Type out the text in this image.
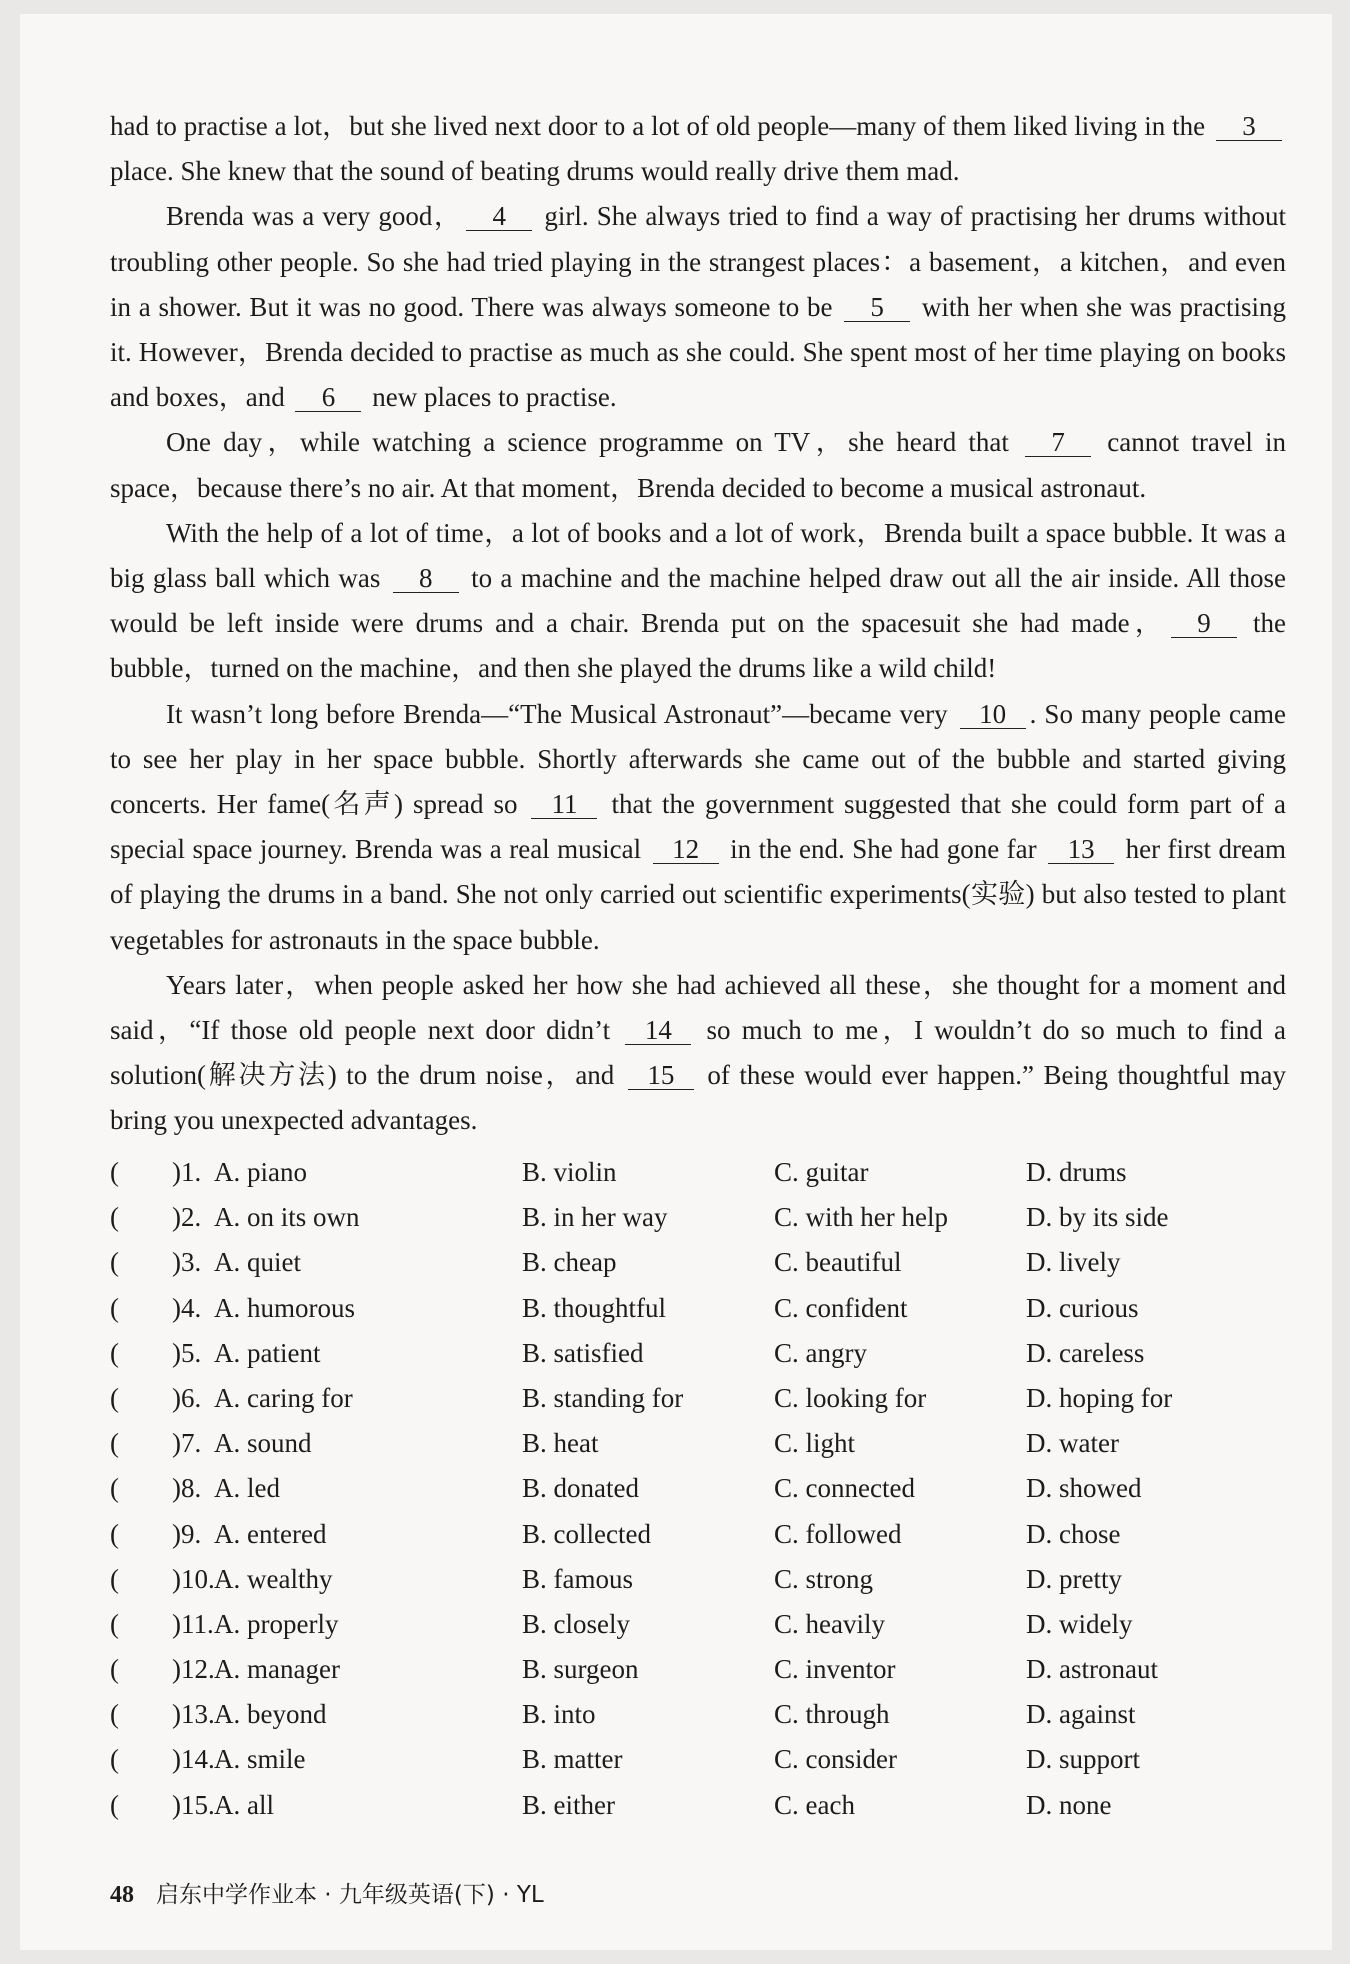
had to practise a lot，but she lived next door to a lot of old people—many of them liked living in the 3 place. She knew that the sound of beating drums would really drive them mad.

Brenda was a very good， 4 girl. She always tried to find a way of practising her drums without troubling other people. So she had tried playing in the strangest places：a basement，a kitchen，and even in a shower. But it was no good. There was always someone to be 5 with her when she was practising it. However，Brenda decided to practise as much as she could. She spent most of her time playing on books and boxes，and 6 new places to practise.

One day，while watching a science programme on TV，she heard that 7 cannot travel in space，because there’s no air. At that moment，Brenda decided to become a musical astronaut.

With the help of a lot of time，a lot of books and a lot of work，Brenda built a space bubble. It was a big glass ball which was 8 to a machine and the machine helped draw out all the air inside. All those would be left inside were drums and a chair. Brenda put on the spacesuit she had made， 9 the bubble，turned on the machine，and then she played the drums like a wild child!

It wasn’t long before Brenda—“The Musical Astronaut”—became very 10 . So many people came to see her play in her space bubble. Shortly afterwards she came out of the bubble and started giving concerts. Her fame(名声) spread so 11 that the government suggested that she could form part of a special space journey. Brenda was a real musical 12 in the end. She had gone far 13 her first dream of playing the drums in a band. She not only carried out scientific experiments(实验) but also tested to plant vegetables for astronauts in the space bubble.

Years later，when people asked her how she had achieved all these，she thought for a moment and said，“If those old people next door didn’t 14 so much to me，I wouldn’t do so much to find a solution(解决方法) to the drum noise，and 15 of these would ever happen.” Being thoughtful may bring you unexpected advantages.

( )1. A. piano	B. violin	C. guitar	D. drums
( )2. A. on its own	B. in her way	C. with her help	D. by its side
( )3. A. quiet	B. cheap	C. beautiful	D. lively
( )4. A. humorous	B. thoughtful	C. confident	D. curious
( )5. A. patient	B. satisfied	C. angry	D. careless
( )6. A. caring for	B. standing for	C. looking for	D. hoping for
( )7. A. sound	B. heat	C. light	D. water
( )8. A. led	B. donated	C. connected	D. showed
( )9. A. entered	B. collected	C. followed	D. chose
( )10. A. wealthy	B. famous	C. strong	D. pretty
( )11. A. properly	B. closely	C. heavily	D. widely
( )12. A. manager	B. surgeon	C. inventor	D. astronaut
( )13. A. beyond	B. into	C. through	D. against
( )14. A. smile	B. matter	C. consider	D. support
( )15. A. all	B. either	C. each	D. none
48 启东中学作业本 · 九年级英语(下) · YL
